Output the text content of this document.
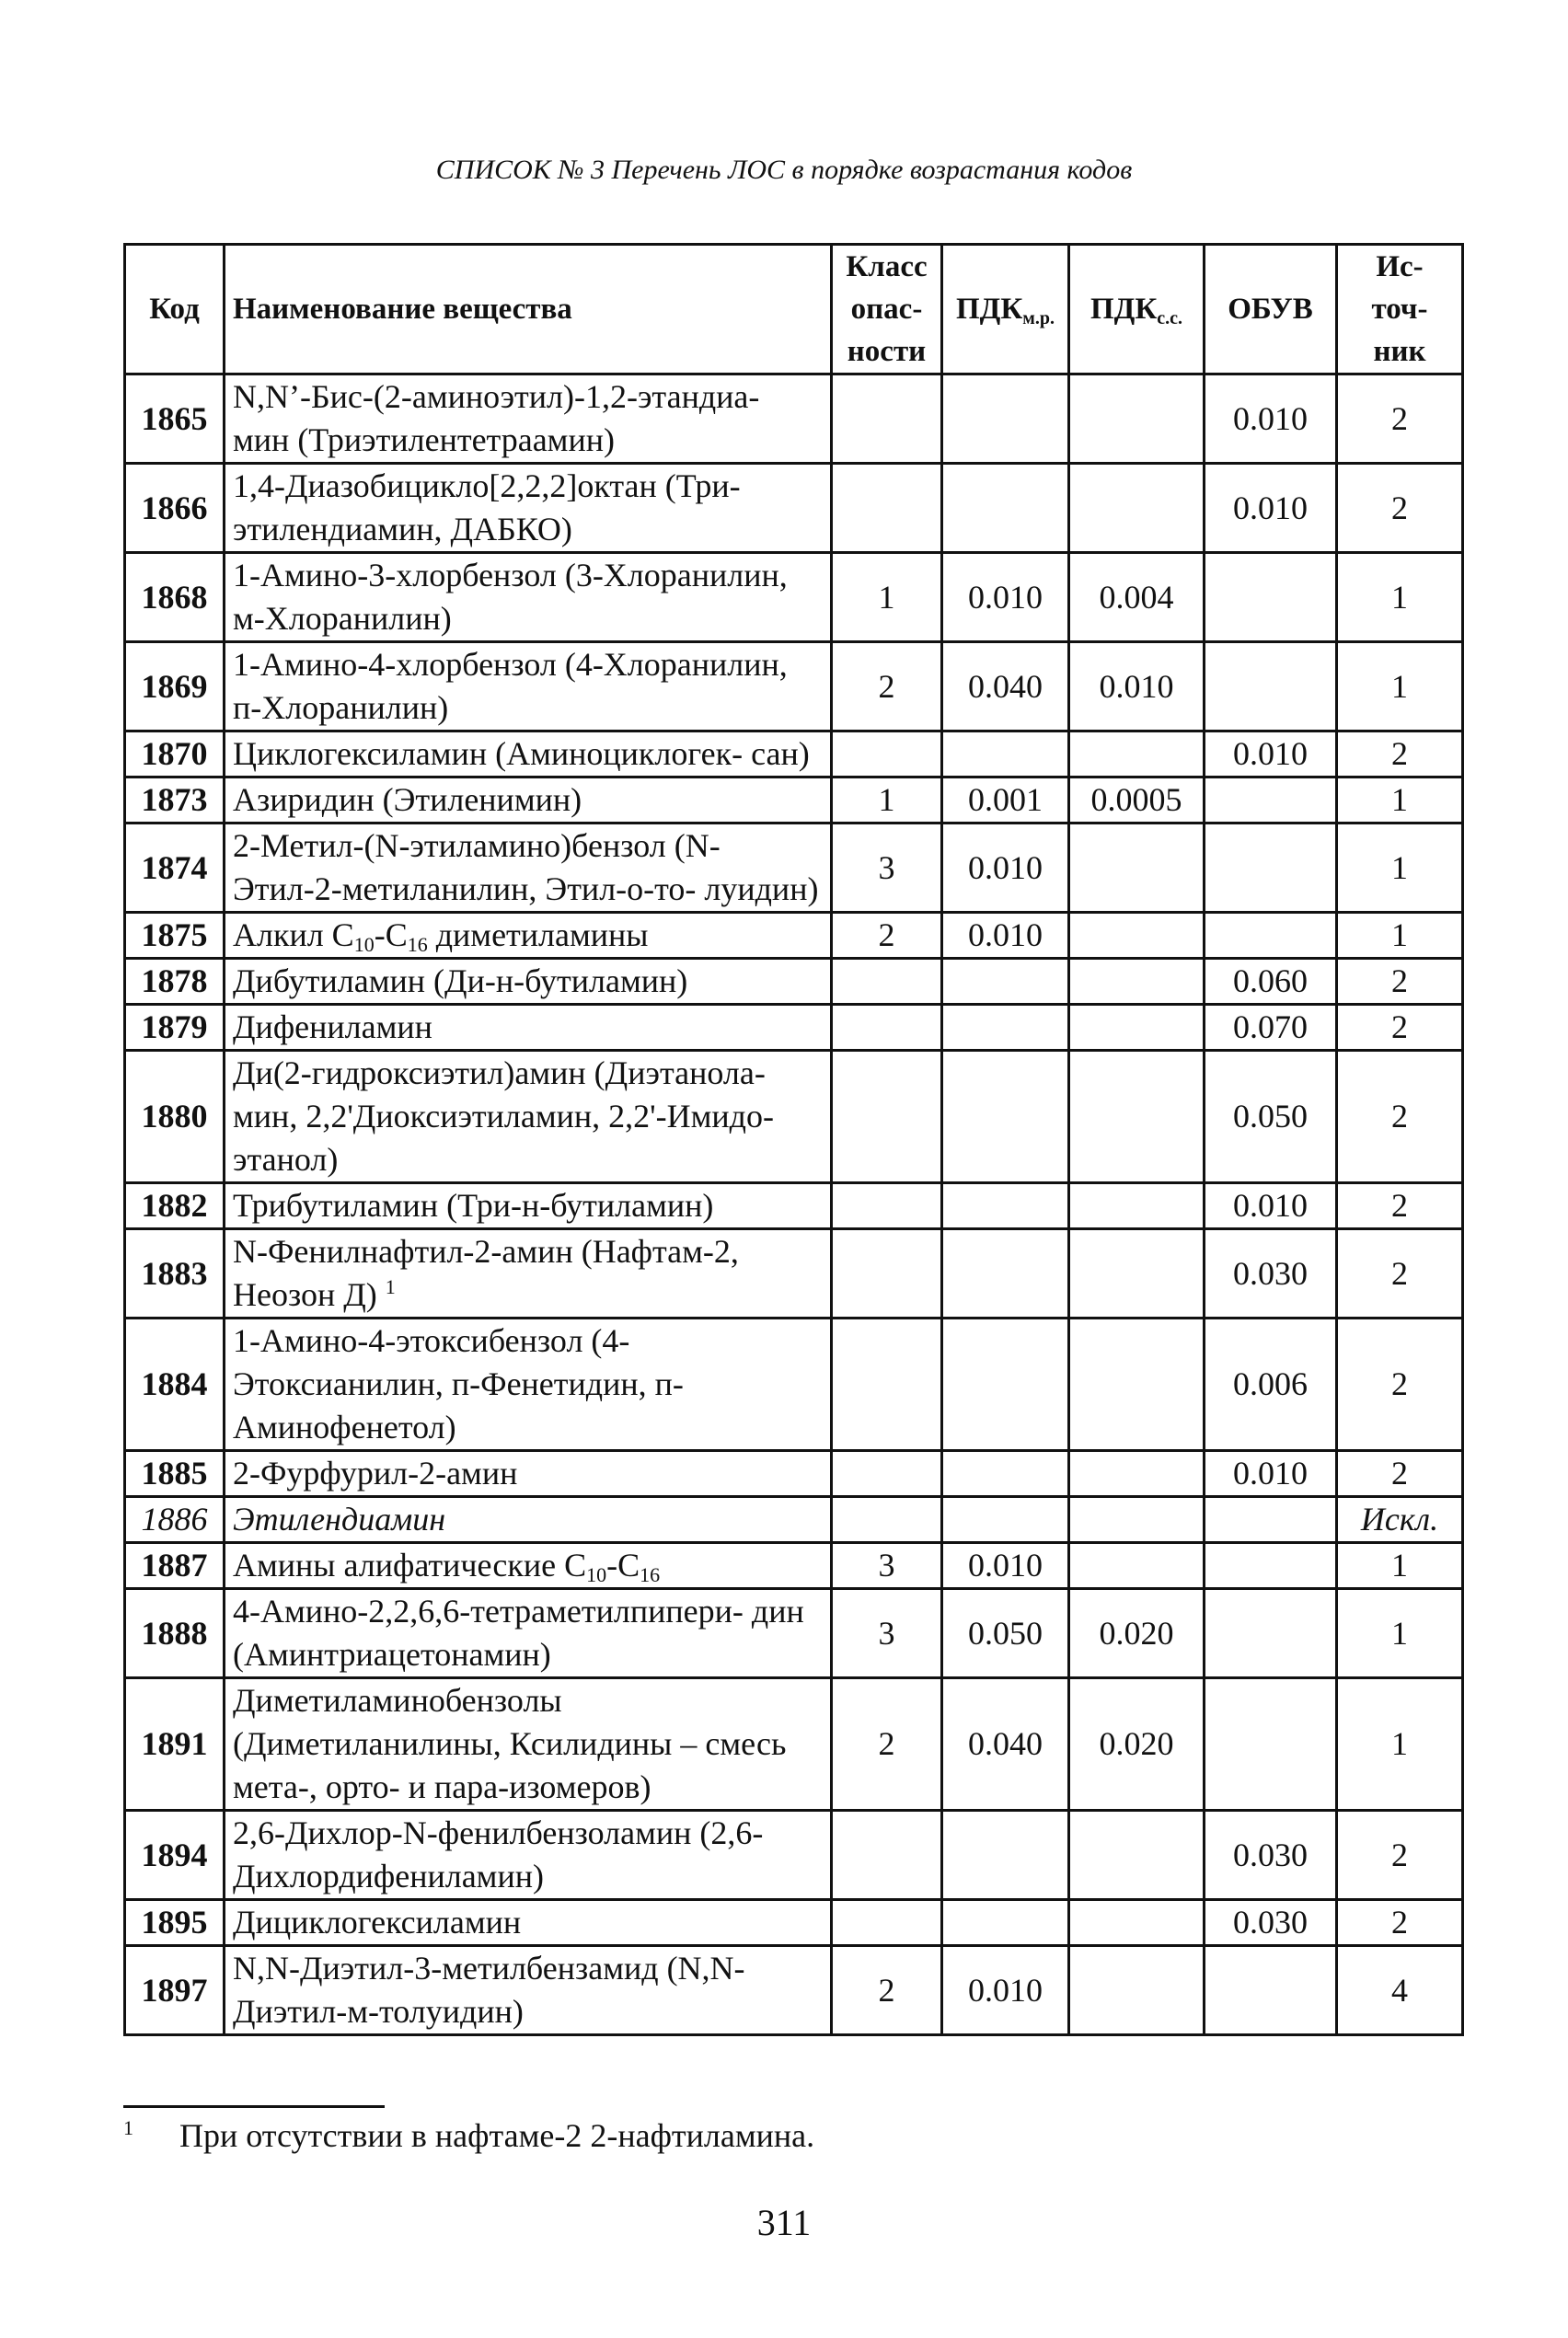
СПИСОК № 3 Перечень ЛОС в порядке возрастания кодов
Код	Наименование вещества	Класс опас- ности	ПДКм.р.	ПДКс.с.	ОБУВ	Ис- точ- ник
1865	N,N’-Бис-(2-аминоэтил)-1,2-этандиа- мин (Триэтилентетраамин)				0.010	2
1866	1,4-Диазобицикло[2,2,2]октан (Три- этилендиамин, ДАБКО)				0.010	2
1868	1-Амино-3-хлорбензол (3-Хлоранилин, м-Хлоранилин)	1	0.010	0.004		1
1869	1-Амино-4-хлорбензол (4-Хлоранилин, п-Хлоранилин)	2	0.040	0.010		1
1870	Циклогексиламин (Аминоциклогек- сан)				0.010	2
1873	Азиридин (Этиленимин)	1	0.001	0.0005		1
1874	2-Метил-(N-этиламино)бензол (N-Этил-2-метиланилин, Этил-о-то- луидин)	3	0.010			1
1875	Алкил $С_{10}-С_{16}$ диметиламины	2	0.010			1
1878	Дибутиламин (Ди-н-бутиламин)				0.060	2
1879	Дифениламин				0.070	2
1880	Ди(2-гидроксиэтил)амин (Диэтанола- мин, 2,2'Диоксиэтиламин, 2,2'-Имидо- этанол)				0.050	2
1882	Трибутиламин (Три-н-бутиламин)				0.010	2
1883	N-Фенилнафтил-2-амин (Нафтам-2, Неозон Д) $^1$				0.030	2
1884	1-Амино-4-этоксибензол (4-Этоксианилин, п-Фенетидин, п-Аминофенетол)				0.006	2
1885	2-Фурфурил-2-амин				0.010	2
1886	Этилендиамин					Искл.
1887	Амины алифатические $С_{10}-С_{16}$	3	0.010			1
1888	4-Амино-2,2,6,6-тетраметилпипери- дин (Аминтриацетонамин)	3	0.050	0.020		1
1891	Диметиламинобензолы (Диметиланилины, Ксилидины – смесь мета-, орто- и пара-изомеров)	2	0.040	0.020		1
1894	2,6-Дихлор-N-фенилбензоламин (2,6-Дихлордифениламин)				0.030	2
1895	Дициклогексиламин				0.030	2
1897	N,N-Диэтил-3-метилбензамид (N,N-Диэтил-м-толуидин)	2	0.010			4
$^1$ При отсутствии в нафтаме-2 2-нафтиламина.
311
